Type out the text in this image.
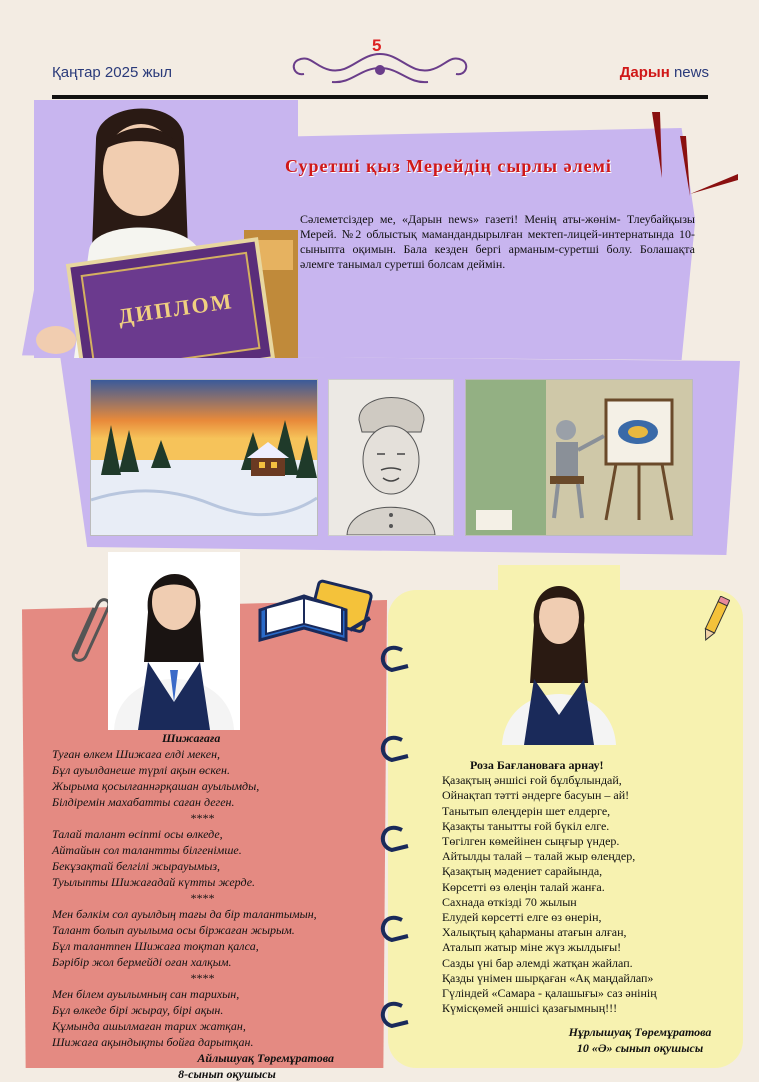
Қаңтар 2025 жыл
5
Дарын news
ДИПЛОМ
Суретші қыз Мерейдің сырлы әлемі
Сәлеметсіздер ме, «Дарын news» газеті! Менің аты-жөнім- Тлеубайқызы Мерей. №2 облыстық мамандандырылған мектеп-лицей-интернатында 10-сыныпта оқимын. Бала кезден бергі арманым-суретші болу. Болашақта әлемге танымал суретші болсам деймін.

Шижағаға

Туған өлкем Шижаға елді мекен,

Бұл ауылданеше түрлі ақын өскен.

Жырыма қосылғаннәрқашан ауылымды,

Білдіремін махабатты саған деген.

****

Талай талант өсіпті осы өлкеде,

Айтайын сол талантты білгенімше.

Бекұзақтай белгілі жырауымыз,

Туылыпты Шижағадай күтты жерде.

****

Мен бәлкім сол ауылдың тағы да бір талантымын,

Талант болып ауылыма осы біржаған жырым.

Бұл талантпен Шижаға тоқтап қалса,

Бәрібір жол бермейді оған халқым.

****

Мен білем ауылымның сан тарихын,

Бұл өлкеде бірі жырау, бірі ақын.

Құмында ашылмаған тарих жатқан,

Шижаға ақындықты бойға дарытқан.

Айлышуақ Төремұратова

8-сынып оқушысы

Роза Бағлановаға арнау!

Қазақтың әншісі ғой бұлбұлындай,

Ойнақтап тәтті әндерге басуын – ай!

Танытып өлеңдерін шет елдерге,

Қазақты танытты ғой бүкіл елге.

Төгілген көмейінен сыңғыр үндер.

Айтылды талай – талай жыр өлеңдер,

Қазақтың мәдениет сарайында,

Көрсетті өз өлеңін талай жанға.

Сахнада өткізді 70 жылын

Елудей көрсетті елге өз өнерін,

Халықтың қаһарманы атағын алған,

Аталып жатыр міне жүз жылдығы!

Сазды үні бар әлемді жатқан жайлап.

Қазды үнімен шырқаған «Ақ маңдайлап»

Гүліндей «Самара - қалашығы» саз әнінің

Күмісқөмей әншісі қазағымның!!!

Нұрлышуақ Төремұратова
10 «Ә» сынып оқушысы
